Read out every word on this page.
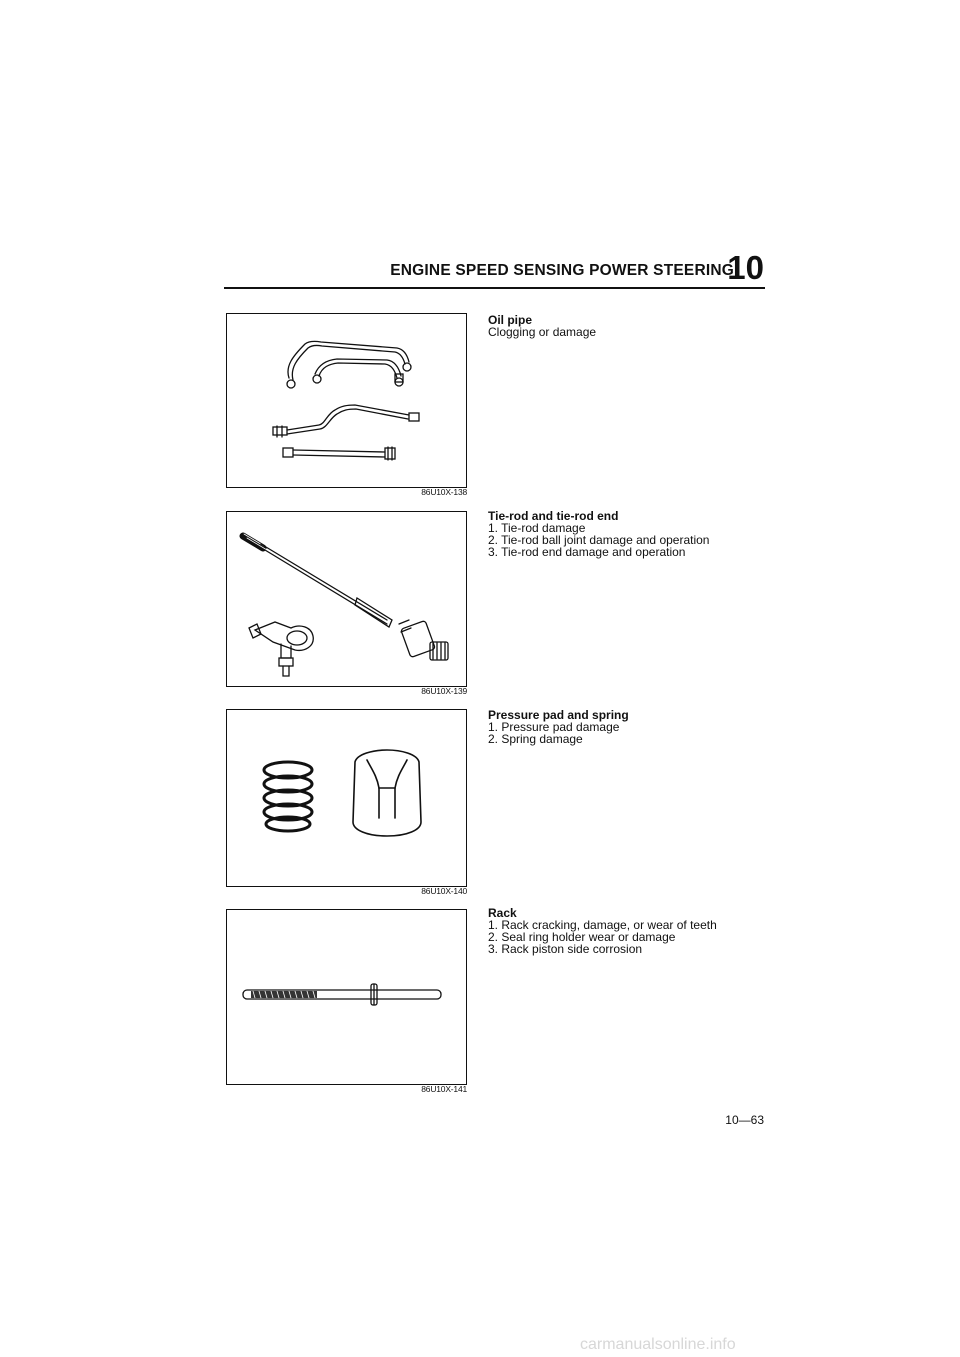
ENGINE SPEED SENSING POWER STEERING
10
86U10X-138
Oil pipe
Clogging or damage
86U10X-139
Tie-rod and tie-rod end
1. Tie-rod damage
2. Tie-rod ball joint damage and operation
3. Tie-rod end damage and operation
86U10X-140
Pressure pad and spring
1. Pressure pad damage
2. Spring damage
86U10X-141
Rack
1. Rack cracking, damage, or wear of teeth
2. Seal ring holder wear or damage
3. Rack piston side corrosion
10—63
carmanualsonline.info
